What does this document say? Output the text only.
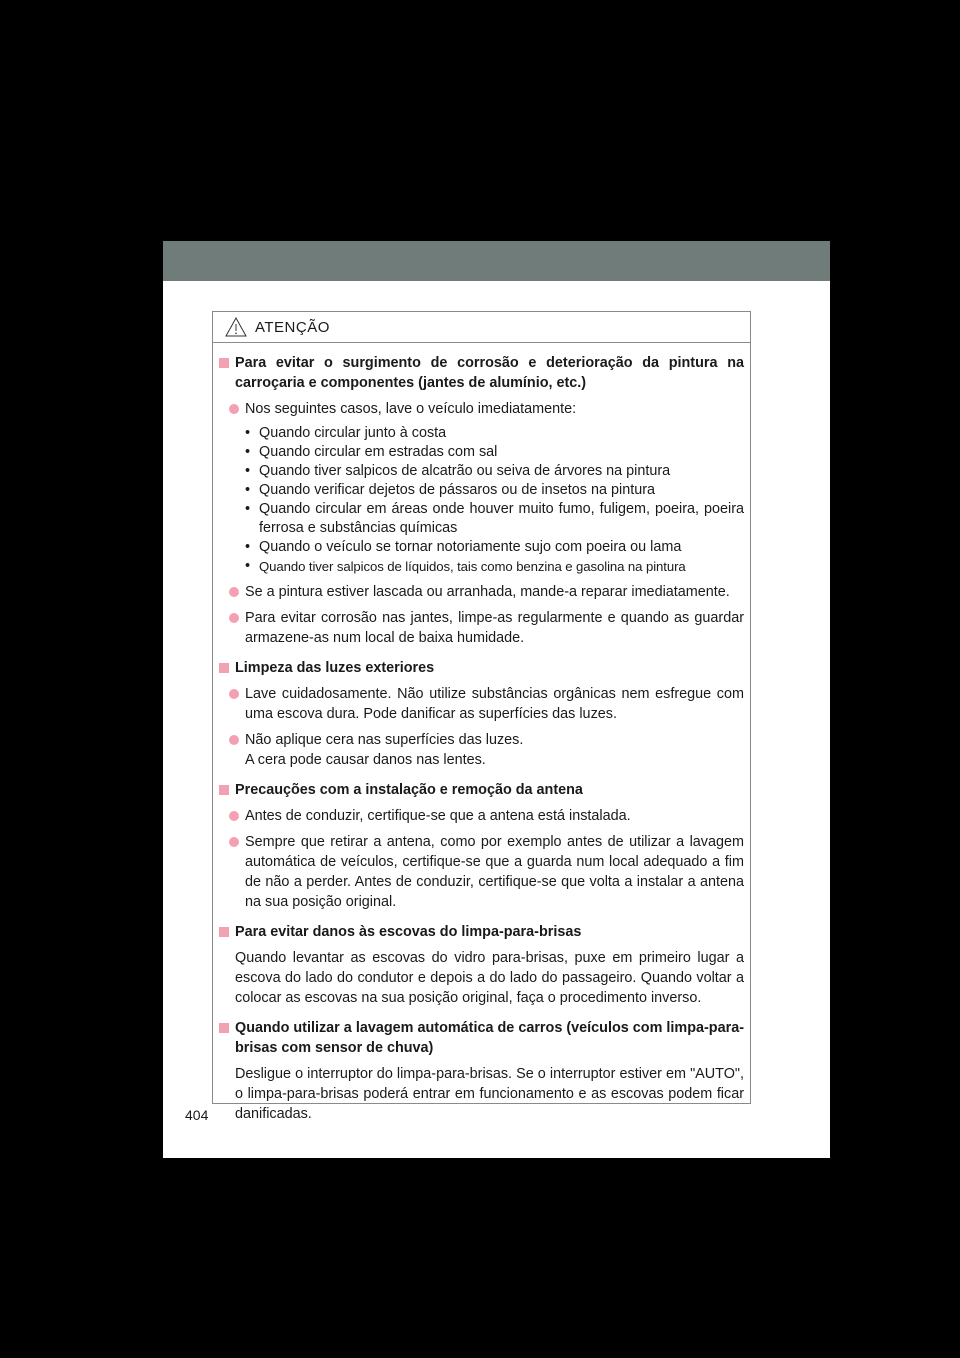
ATENÇÃO
Para evitar o surgimento de corrosão e deterioração da pintura na carroçaria e componentes (jantes de alumínio, etc.)
Nos seguintes casos, lave o veículo imediatamente:
• Quando circular junto à costa
• Quando circular em estradas com sal
• Quando tiver salpicos de alcatrão ou seiva de árvores na pintura
• Quando verificar dejetos de pássaros ou de insetos na pintura
• Quando circular em áreas onde houver muito fumo, fuligem, poeira, poeira ferrosa e substâncias químicas
• Quando o veículo se tornar notoriamente sujo com poeira ou lama
• Quando tiver salpicos de líquidos, tais como benzina e gasolina na pintura
Se a pintura estiver lascada ou arranhada, mande-a reparar imediatamente.
Para evitar corrosão nas jantes, limpe-as regularmente e quando as guardar armazene-as num local de baixa humidade.
Limpeza das luzes exteriores
Lave cuidadosamente. Não utilize substâncias orgânicas nem esfregue com uma escova dura. Pode danificar as superfícies das luzes.
Não aplique cera nas superfícies das luzes.
A cera pode causar danos nas lentes.
Precauções com a instalação e remoção da antena
Antes de conduzir, certifique-se que a antena está instalada.
Sempre que retirar a antena, como por exemplo antes de utilizar a lavagem automática de veículos, certifique-se que a guarda num local adequado a fim de não a perder. Antes de conduzir, certifique-se que volta a instalar a antena na sua posição original.
Para evitar danos às escovas do limpa-para-brisas
Quando levantar as escovas do vidro para-brisas, puxe em primeiro lugar a escova do lado do condutor e depois a do lado do passageiro. Quando voltar a colocar as escovas na sua posição original, faça o procedimento inverso.
Quando utilizar a lavagem automática de carros (veículos com limpa-para-brisas com sensor de chuva)
Desligue o interruptor do limpa-para-brisas. Se o interruptor estiver em "AUTO", o limpa-para-brisas poderá entrar em funcionamento e as escovas podem ficar danificadas.
404
